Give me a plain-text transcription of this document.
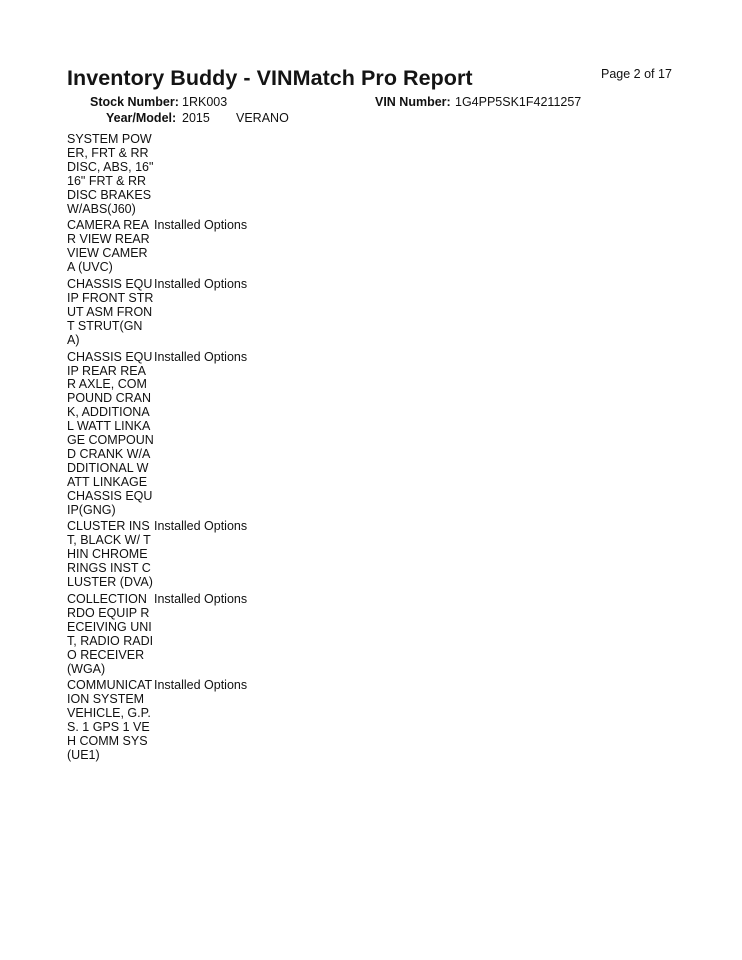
Inventory Buddy - VINMatch Pro Report	Page 2 of 17
Stock Number: 1RK003	VIN Number: 1G4PP5SK1F4211257
Year/Model: 2015 VERANO
SYSTEM POWER, FRT & RR DISC, ABS, 16" 16" FRT & RR DISC BRAKES W/ABS(J60)
CAMERA REAR VIEW REAR VIEW CAMERA (UVC)
Installed Options
CHASSIS EQUIP FRONT STRUT ASM FRONT STRUT(GNA)
Installed Options
CHASSIS EQUIP REAR REAR AXLE, COMPOUND CRANK, ADDITIONAL WATT LINKAGE COMPOUND CRANK W/ADDITIONAL WATT LINKAGE CHASSIS EQUIP(GNG)
Installed Options
CLUSTER INST, BLACK W/ THIN CHROME RINGS INST CLUSTER (DVA)
Installed Options
COLLECTION RDO EQUIP RECEIVING UNIT, RADIO RADIO RECEIVER (WGA)
Installed Options
COMMUNICATION SYSTEM VEHICLE, G.P.S. 1 GPS 1 VEH COMM SYS(UE1)
Installed Options
